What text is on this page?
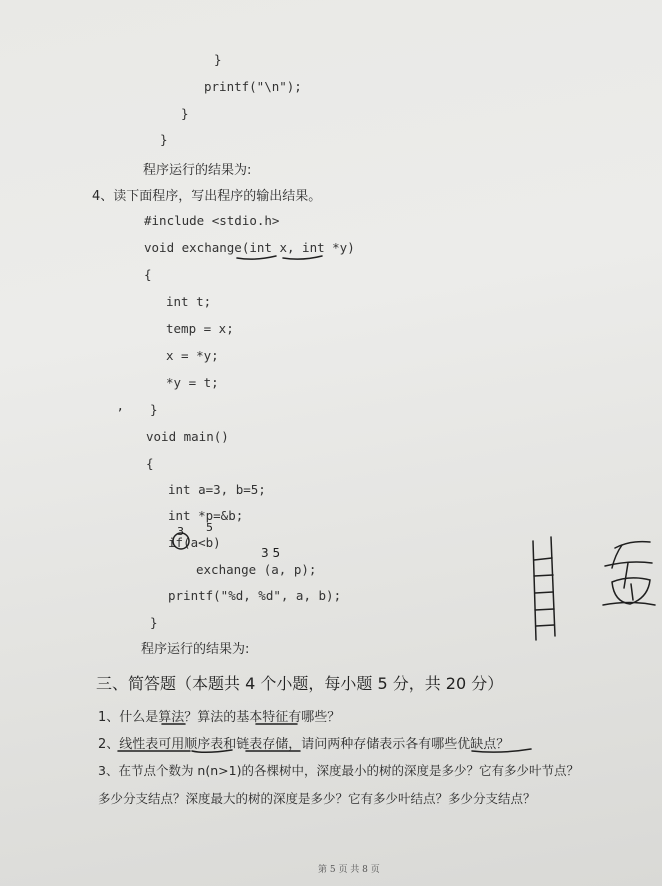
}
printf("\n");
}
}
程序运行的结果为:
4、读下面程序，写出程序的输出结果。
#include <stdio.h>
void exchange(int x, int *y)
{
int t;
temp = x;
x = *y;
*y = t;
}
void main()
{
int a=3, b=5;
int *p=&b;
if(a<b)
exchange (a, p);
printf("%d, %d", a, b);
}
程序运行的结果为:
三、简答题（本题共 4 个小题，每小题 5 分，共 20 分）
1、什么是算法？算法的基本特征有哪些？
2、线性表可用顺序表和链表存储，请问两种存储表示各有哪些优缺点？
3、在节点个数为 n(n>1)的各棵树中，深度最小的树的深度是多少？它有多少叶节点？
多少分支结点？深度最大的树的深度是多少？它有多少叶结点？多少分支结点？
第 5 页 共 8 页
3 5
3 5
,
